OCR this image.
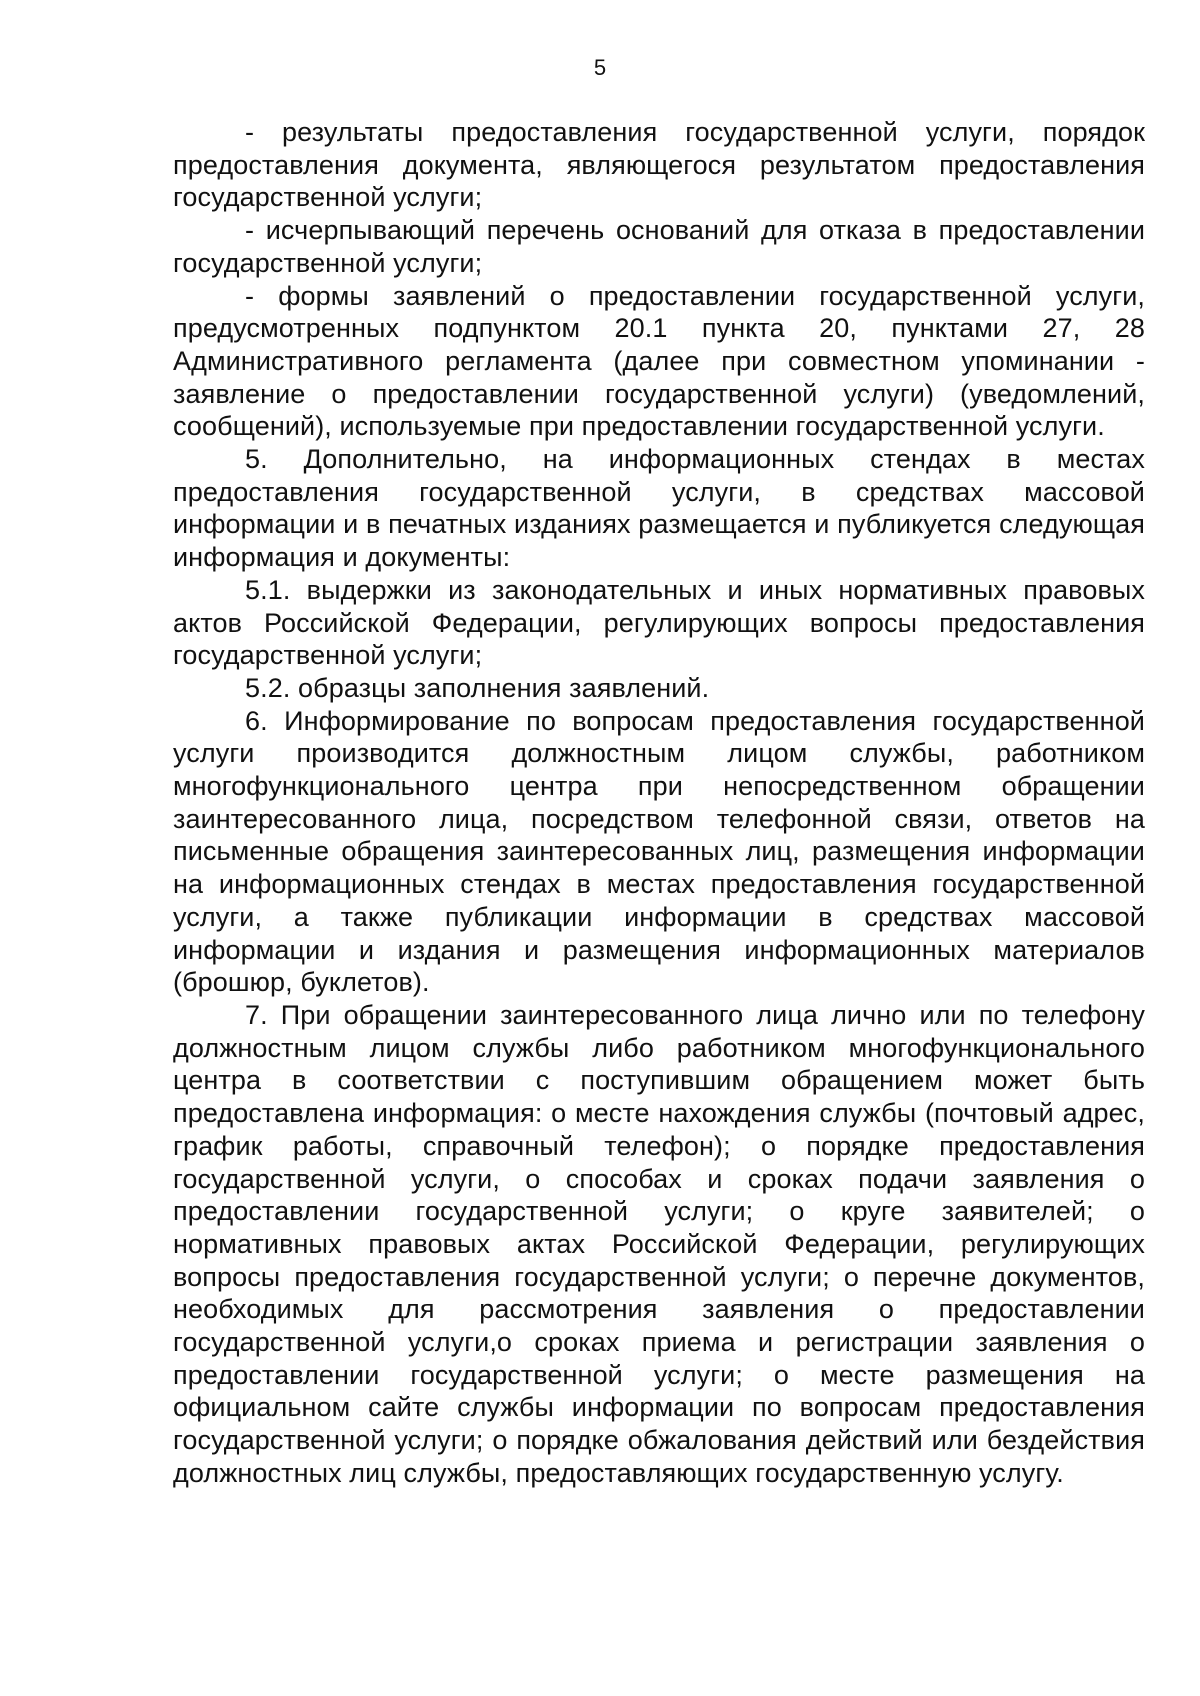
5

- результаты предоставления государственной услуги, порядок предоставления документа, являющегося результатом предоставления государственной услуги;

- исчерпывающий перечень оснований для отказа в предоставлении государственной услуги;

- формы заявлений о предоставлении государственной услуги, предусмотренных подпунктом 20.1 пункта 20, пунктами 27, 28 Административного регламента (далее при совместном упоминании - заявление о предоставлении государственной услуги) (уведомлений, сообщений), используемые при предоставлении государственной услуги.

5. Дополнительно, на информационных стендах в местах предоставления государственной услуги, в средствах массовой информации и в печатных изданиях размещается и публикуется следующая информация и документы:

5.1. выдержки из законодательных и иных нормативных правовых актов Российской Федерации, регулирующих вопросы предоставления государственной услуги;

5.2. образцы заполнения заявлений.

6. Информирование по вопросам предоставления государственной услуги производится должностным лицом службы, работником многофункционального центра при непосредственном обращении заинтересованного лица, посредством телефонной связи, ответов на письменные обращения заинтересованных лиц, размещения информации на информационных стендах в местах предоставления государственной услуги, а также публикации информации в средствах массовой информации и издания и размещения информационных материалов (брошюр, буклетов).

7. При обращении заинтересованного лица лично или по телефону должностным лицом службы либо работником многофункционального центра в соответствии с поступившим обращением может быть предоставлена информация: о месте нахождения службы (почтовый адрес, график работы, справочный телефон); о порядке предоставления государственной услуги, о способах и сроках подачи заявления о предоставлении государственной услуги; о круге заявителей; о нормативных правовых актах Российской Федерации, регулирующих вопросы предоставления государственной услуги; о перечне документов, необходимых для рассмотрения заявления о предоставлении государственной услуги,о сроках приема и регистрации заявления о предоставлении государственной услуги; о месте размещения на официальном сайте службы информации по вопросам предоставления государственной услуги; о порядке обжалования действий или бездействия должностных лиц службы, предоставляющих государственную услугу.
